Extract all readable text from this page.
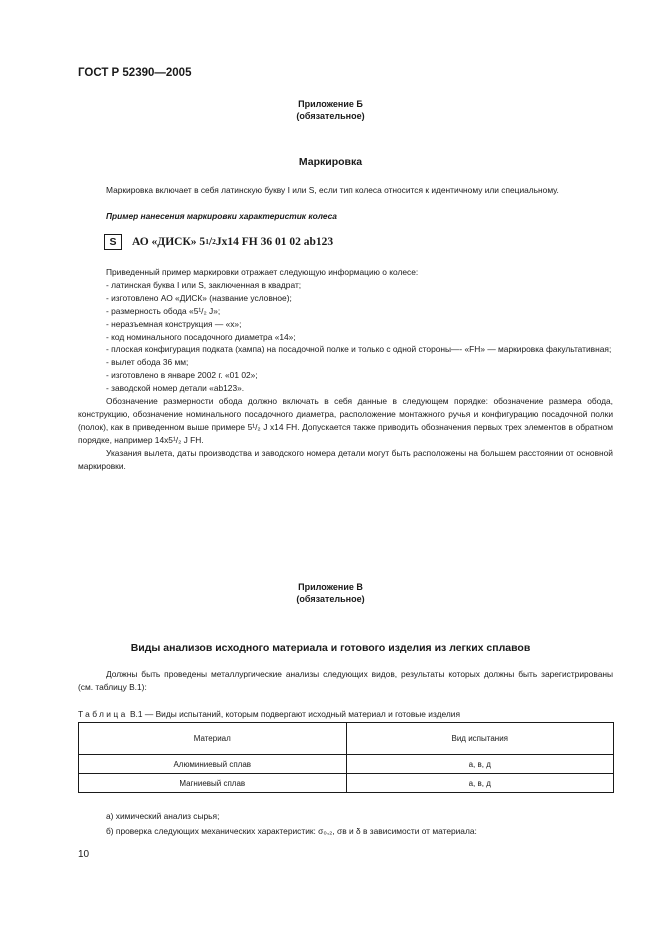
ГОСТ Р 52390—2005
Приложение Б
(обязательное)
Маркировка

Маркировка включает в себя латинскую букву I или S, если тип колеса относится к идентичному или специальному.

Пример нанесения маркировки характеристик колеса
S	АО «ДИСК» 5 1 / 2 Jx14 FH 36 01 02 ab123

Приведенный пример маркировки отражает следующую информацию о колесе:

- латинская буква I или S, заключенная в квадрат;

- изготовлено АО «ДИСК» (название условное);

- размерность обода «5¹/₂ J»;

- неразъемная конструкция — «x»;

- код номинального посадочного диаметра «14»;

- плоская конфигурация подката (хампа) на посадочной полке и только с одной стороны—- «FH» — маркировка факультативная;

- вылет обода 36 мм;

- изготовлено в январе 2002 г. «01 02»;

- заводской номер детали «ab123».

Обозначение размерности обода должно включать в себя данные в следующем порядке: обозначение размера обода, конструкцию, обозначение номинального посадочного диаметра, расположение монтажного ручья и конфигурацию посадочной полки (полок), как в приведенном выше примере 5¹/₂ J x14 FH. Допускается также приводить обозначения первых трех элементов в обратном порядке, например 14x5¹/₂ J FH.

Указания вылета, даты производства и заводского номера детали могут быть расположены на большем расстоянии от основной маркировки.

Приложение В
(обязательное)
Виды анализов исходного материала и готового изделия из легких сплавов

Должны быть проведены металлургические анализы следующих видов, результаты которых должны быть зарегистрированы (см. таблицу В.1):

Таблица В.1 — Виды испытаний, которым подвергают исходный материал и готовые изделия
Материал	Вид испытания
Алюминиевый сплав	а, в, д
Магниевый сплав	а, в, д
а) химический анализ сырья;
б) проверка следующих механических характеристик: σ₀,₂, σв и δ в зависимости от материала:
10
